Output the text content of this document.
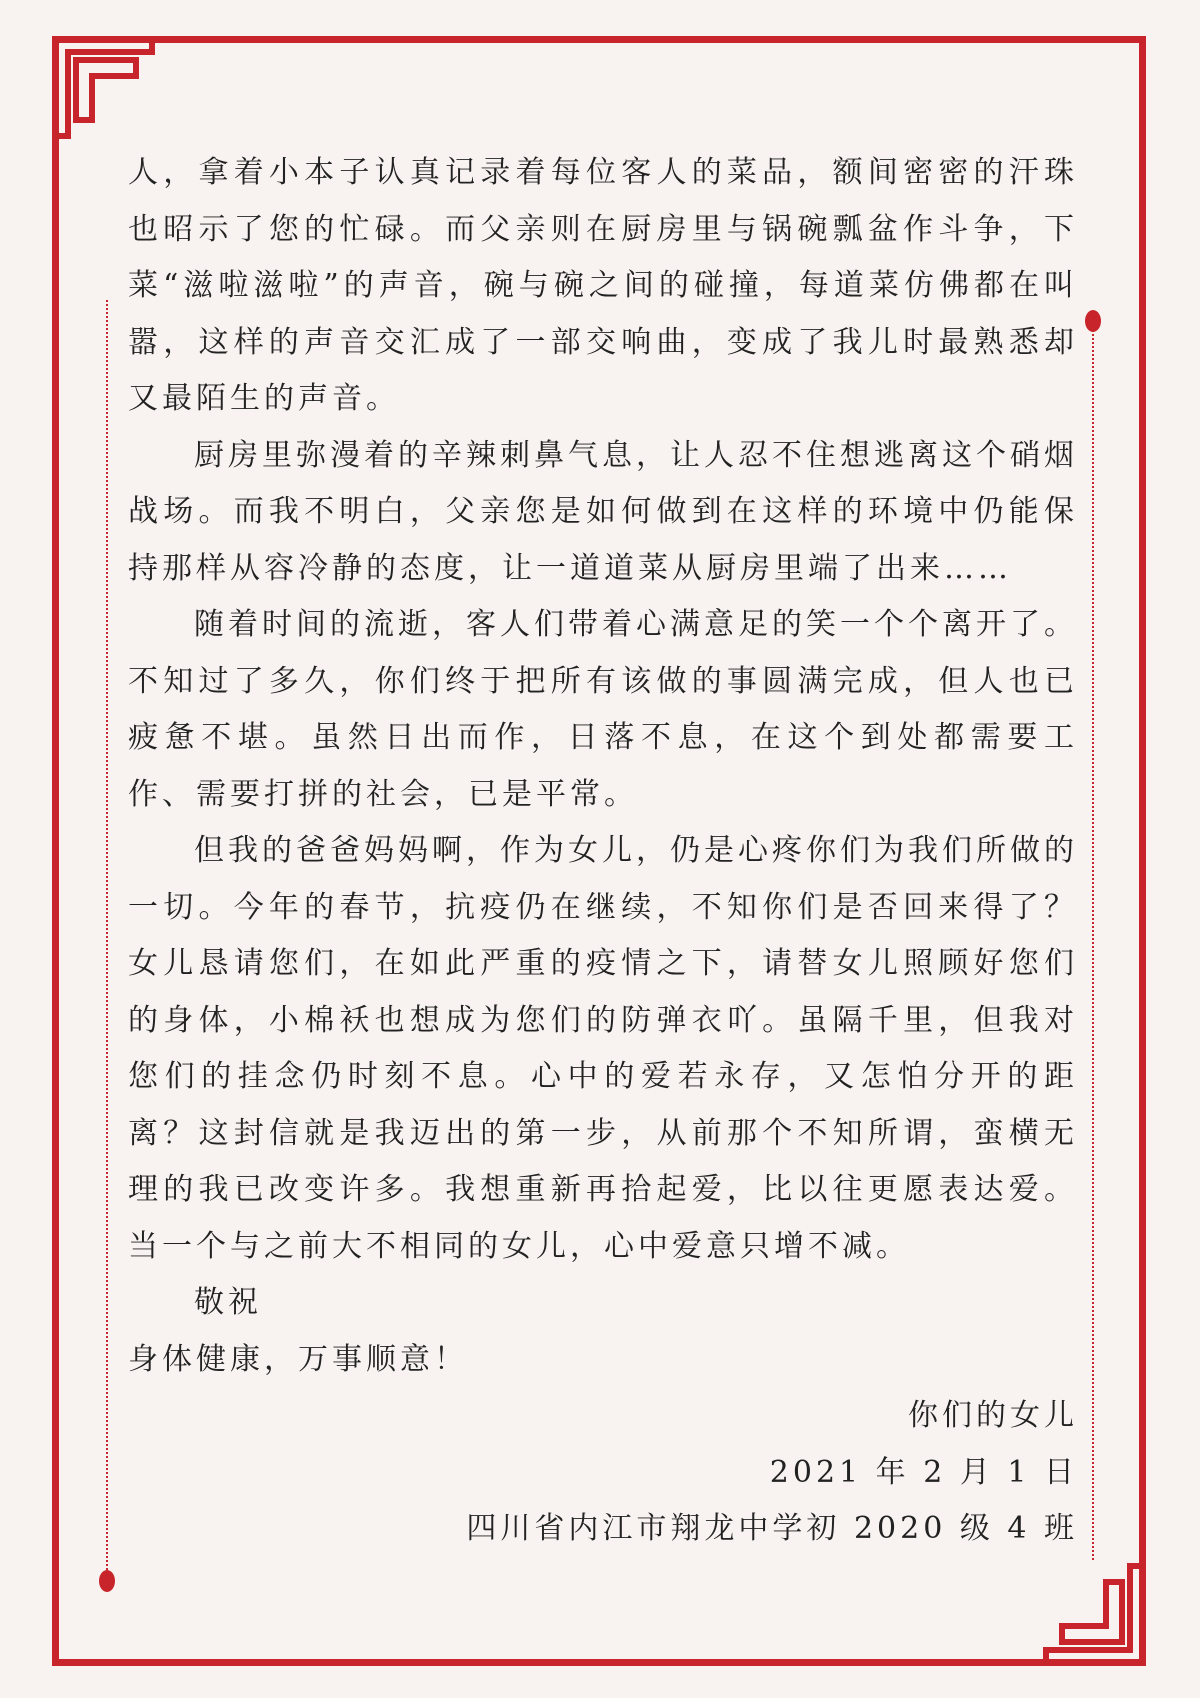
人，拿着小本子认真记录着每位客人的菜品，额间密密的汗珠也昭示了您的忙碌。而父亲则在厨房里与锅碗瓢盆作斗争，下菜“滋啦滋啦”的声音，碗与碗之间的碰撞，每道菜仿佛都在叫嚣，这样的声音交汇成了一部交响曲，变成了我儿时最熟悉却又最陌生的声音。

厨房里弥漫着的辛辣刺鼻气息，让人忍不住想逃离这个硝烟战场。而我不明白，父亲您是如何做到在这样的环境中仍能保持那样从容冷静的态度，让一道道菜从厨房里端了出来……

随着时间的流逝，客人们带着心满意足的笑一个个离开了。不知过了多久，你们终于把所有该做的事圆满完成，但人也已疲惫不堪。虽然日出而作，日落不息，在这个到处都需要工作、需要打拼的社会，已是平常。

但我的爸爸妈妈啊，作为女儿，仍是心疼你们为我们所做的一切。今年的春节，抗疫仍在继续，不知你们是否回来得了？女儿恳请您们，在如此严重的疫情之下，请替女儿照顾好您们的身体，小棉袄也想成为您们的防弹衣吖。虽隔千里，但我对您们的挂念仍时刻不息。心中的爱若永存，又怎怕分开的距离？这封信就是我迈出的第一步，从前那个不知所谓，蛮横无理的我已改变许多。我想重新再拾起爱，比以往更愿表达爱。当一个与之前大不相同的女儿，心中爱意只增不减。

敬祝

身体健康，万事顺意！

你们的女儿

2021 年 2 月 1 日

四川省内江市翔龙中学初 2020 级 4 班
